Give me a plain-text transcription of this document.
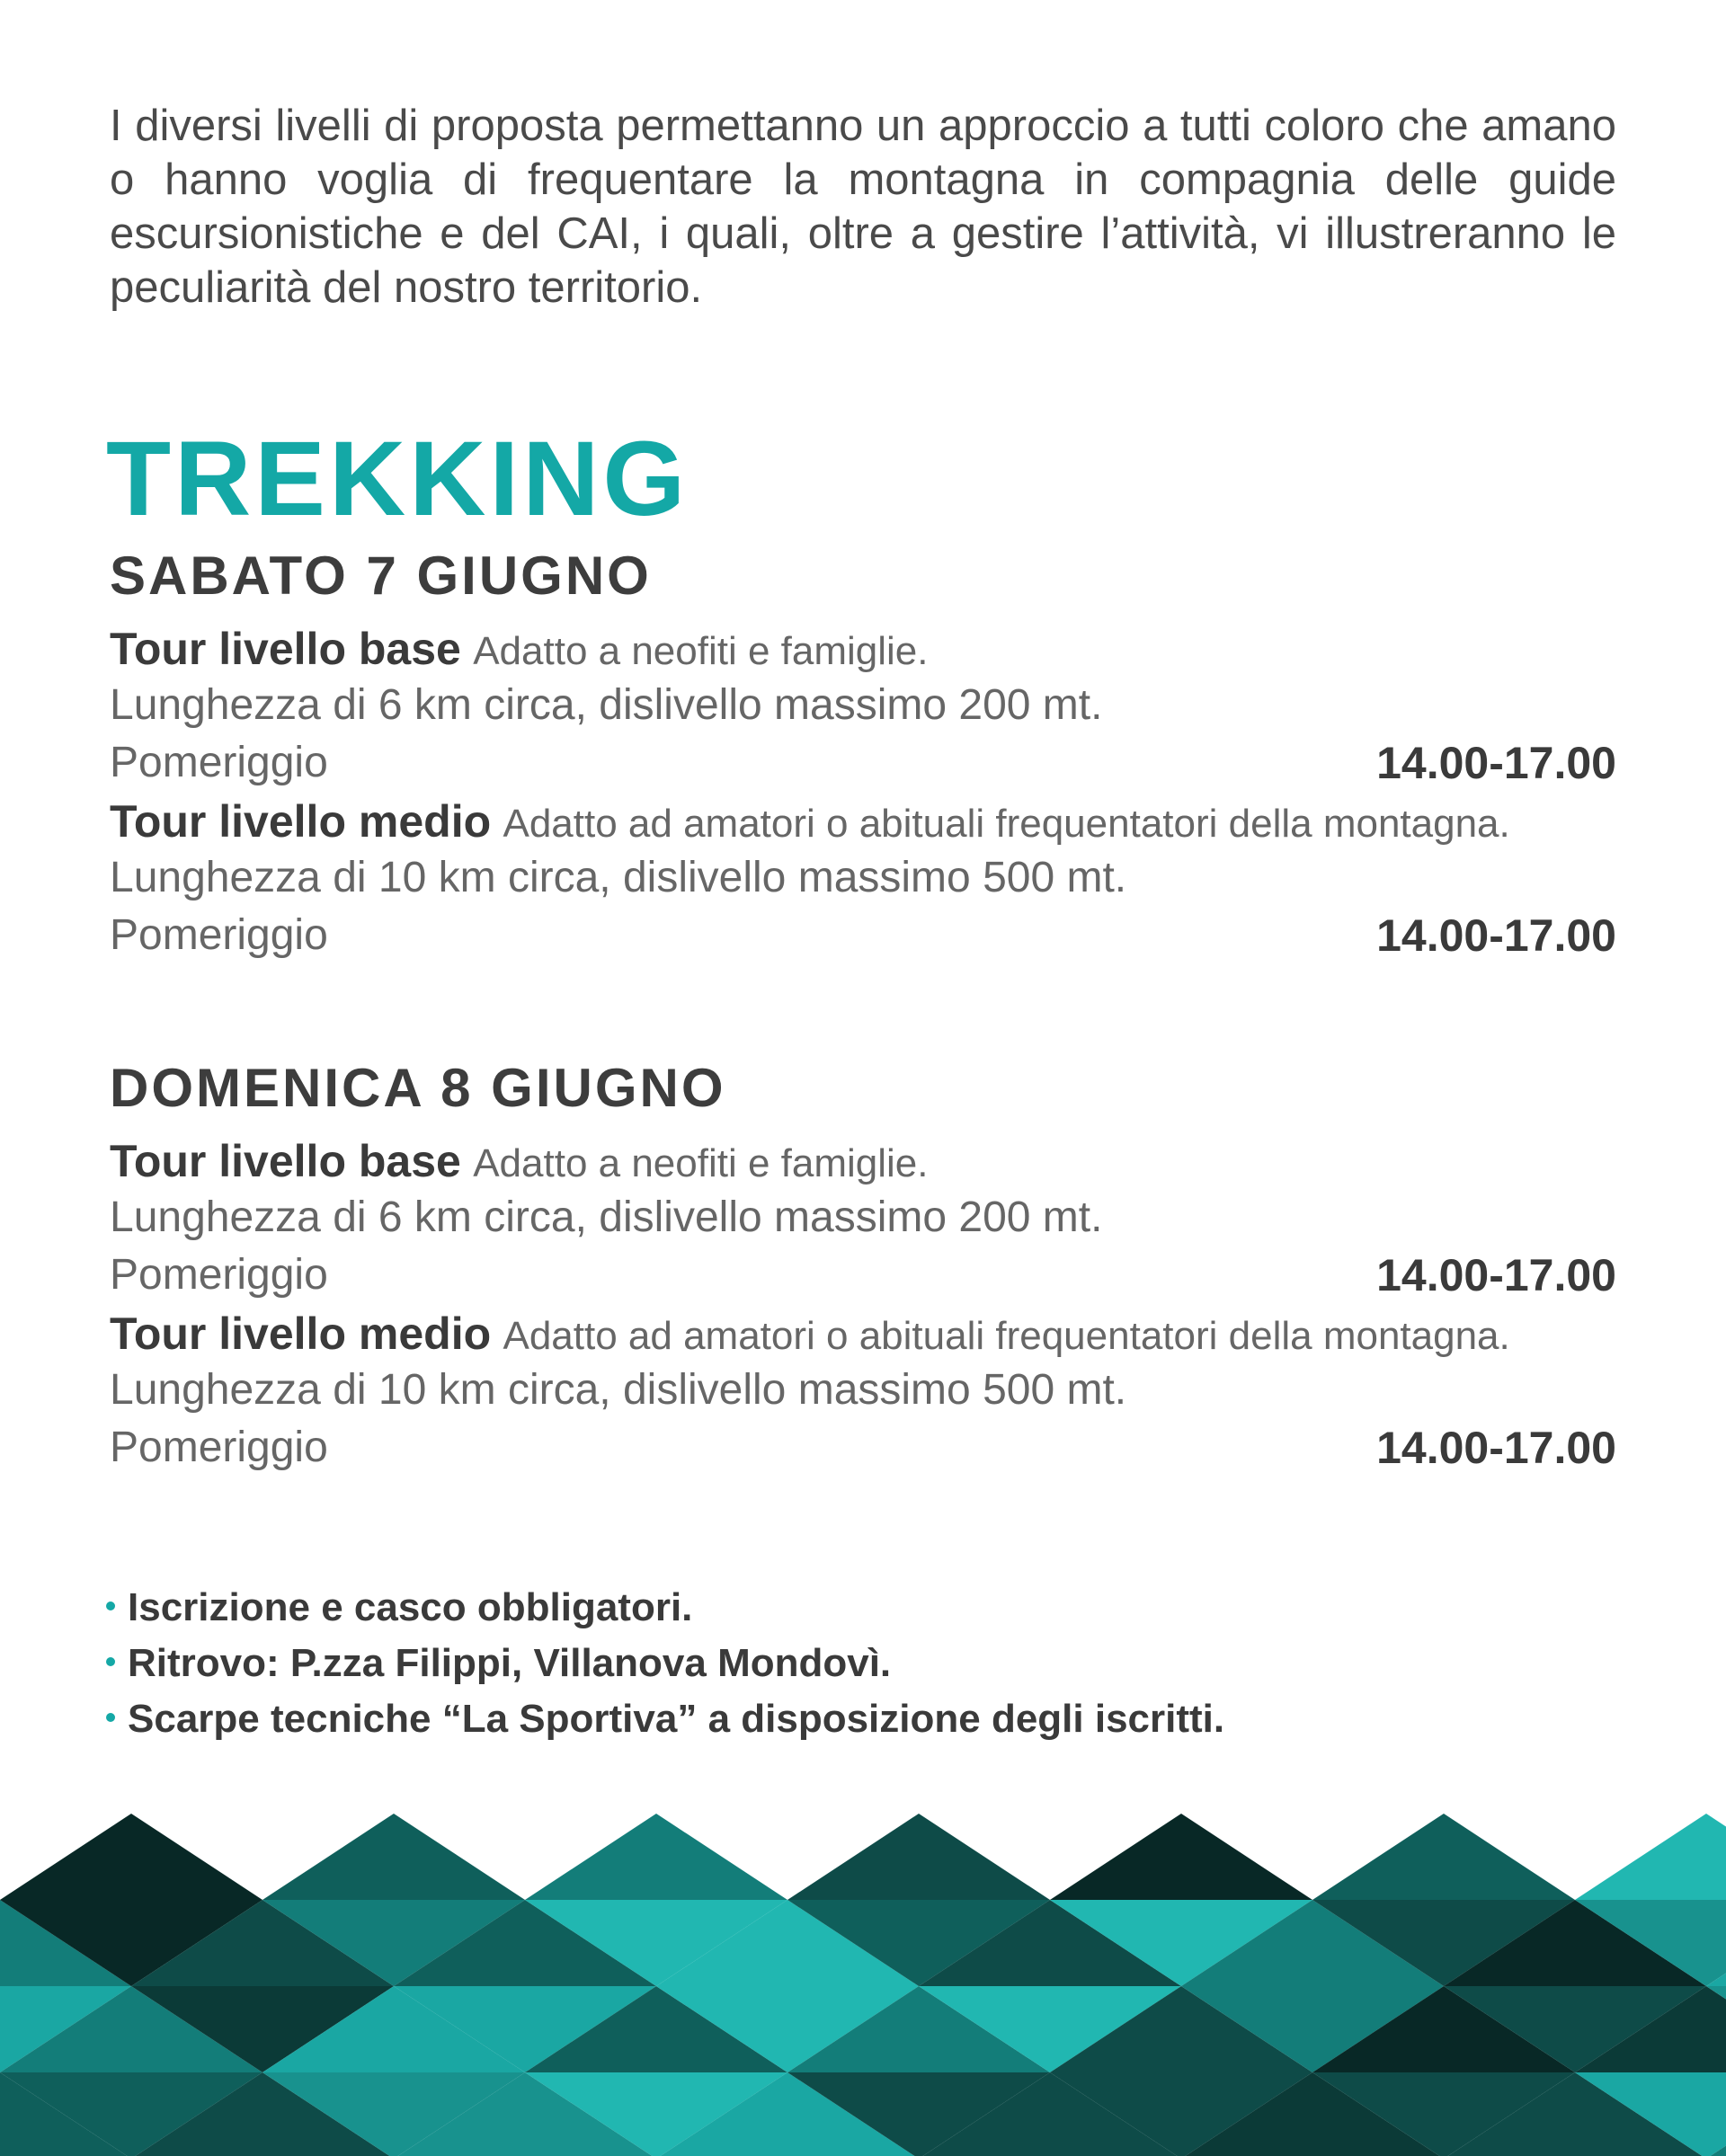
I diversi livelli di proposta permettanno un approccio a tutti coloro che amano o hanno voglia di frequentare la montagna in compagnia delle guide escursionistiche e del CAI, i quali, oltre a gestire l’attività, vi illustreranno le peculiarità del nostro territorio.

TREKKING
SABATO 7 GIUGNO
Tour livello base Adatto a neofiti e famiglie.
Lunghezza di 6 km circa, dislivello massimo 200 mt.
Pomeriggio	14.00-17.00
Tour livello medio Adatto ad amatori o abituali frequentatori della montagna.
Lunghezza di 10 km circa, dislivello massimo 500 mt.
Pomeriggio	14.00-17.00
DOMENICA 8 GIUGNO
Tour livello base Adatto a neofiti e famiglie.
Lunghezza di 6 km circa, dislivello massimo 200 mt.
Pomeriggio	14.00-17.00
Tour livello medio Adatto ad amatori o abituali frequentatori della montagna.
Lunghezza di 10 km circa, dislivello massimo 500 mt.
Pomeriggio	14.00-17.00
Iscrizione e casco obbligatori.
Ritrovo: P.zza Filippi, Villanova Mondovì.
Scarpe tecniche “La Sportiva” a disposizione degli iscritti.
